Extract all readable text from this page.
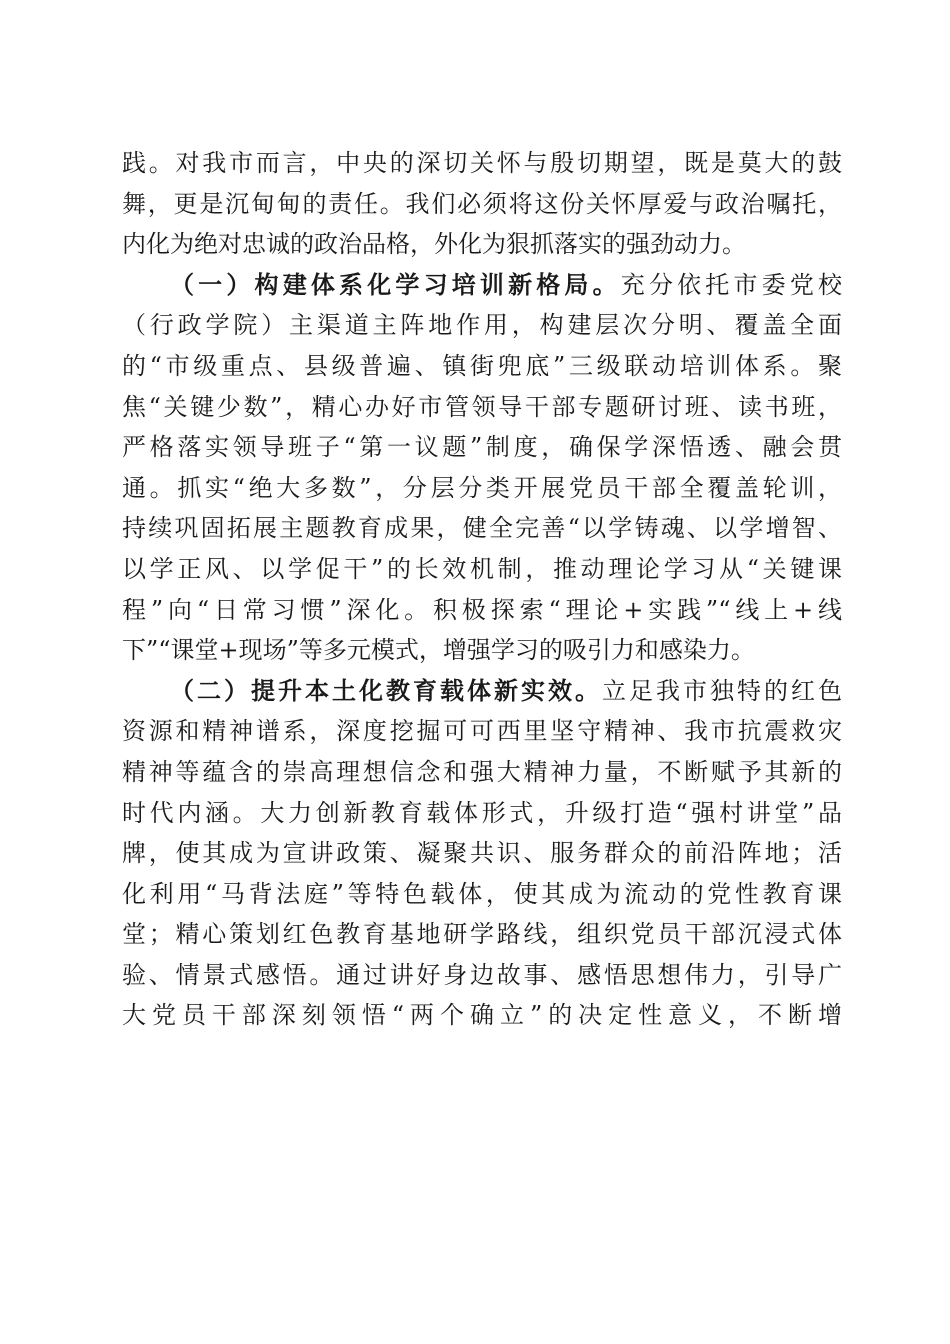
践。对我市而言，中央的深切关怀与殷切期望，既是莫大的鼓
舞，更是沉甸甸的责任。我们必须将这份关怀厚爱与政治嘱托，
内化为绝对忠诚的政治品格，外化为狠抓落实的强劲动力。
（一）构建体系化学习培训新格局。充分依托市委党校
（行政学院）主渠道主阵地作用，构建层次分明、覆盖全面
的“市级重点、县级普遍、镇街兜底”三级联动培训体系。聚
焦“关键少数”，精心办好市管领导干部专题研讨班、读书班，
严格落实领导班子“第一议题”制度，确保学深悟透、融会贯
通。抓实“绝大多数”，分层分类开展党员干部全覆盖轮训，
持续巩固拓展主题教育成果，健全完善“以学铸魂、以学增智、
以学正风、以学促干”的长效机制，推动理论学习从“关键课
程”向“日常习惯”深化。积极探索“理论+实践”“线上+线
下”“课堂+现场”等多元模式，增强学习的吸引力和感染力。
（二）提升本土化教育载体新实效。立足我市独特的红色
资源和精神谱系，深度挖掘可可西里坚守精神、我市抗震救灾
精神等蕴含的崇高理想信念和强大精神力量，不断赋予其新的
时代内涵。大力创新教育载体形式，升级打造“强村讲堂”品
牌，使其成为宣讲政策、凝聚共识、服务群众的前沿阵地；活
化利用“马背法庭”等特色载体，使其成为流动的党性教育课
堂；精心策划红色教育基地研学路线，组织党员干部沉浸式体
验、情景式感悟。通过讲好身边故事、感悟思想伟力，引导广
大党员干部深刻领悟“两个确立”的决定性意义，不断增
